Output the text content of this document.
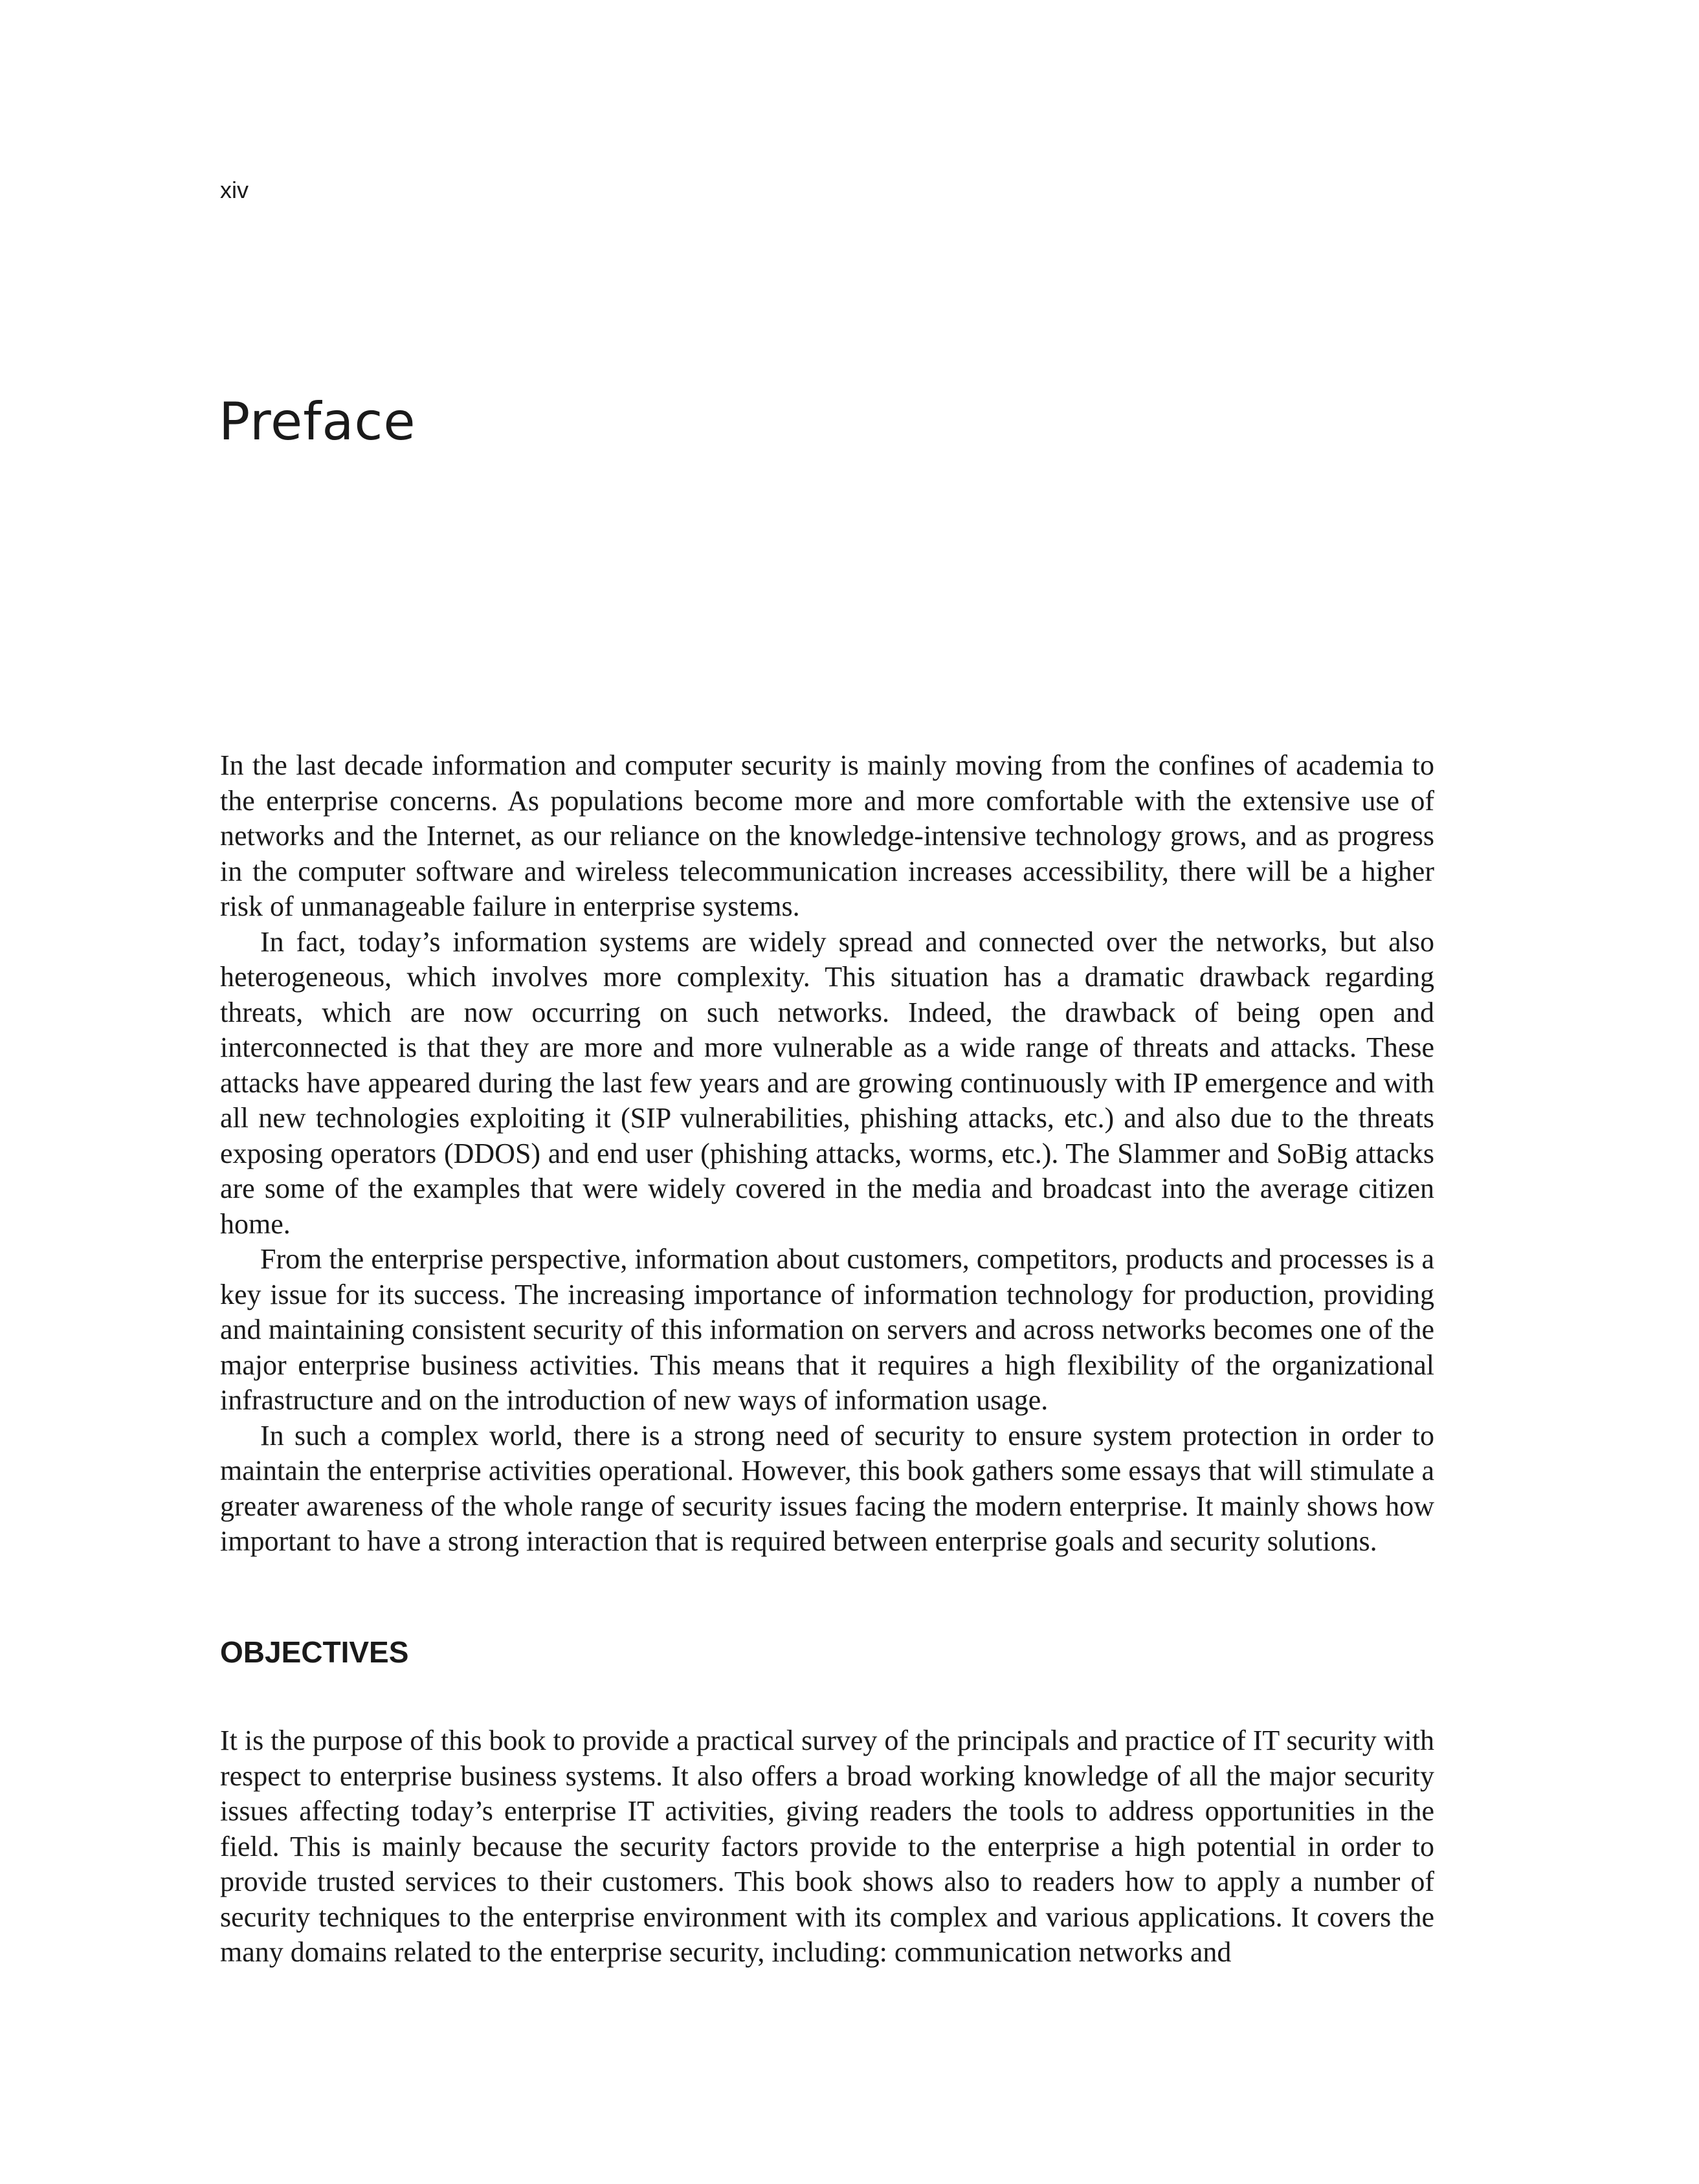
xiv
Preface

In the last decade information and computer security is mainly moving from the confines of academia to the enterprise concerns. As populations become more and more comfortable with the extensive use of networks and the Internet, as our reliance on the knowledge-intensive technology grows, and as progress in the computer software and wireless telecommunication increases accessibility, there will be a higher risk of unmanageable failure in enterprise systems.

In fact, today’s information systems are widely spread and connected over the networks, but also heterogeneous, which involves more complexity. This situation has a dramatic drawback regarding threats, which are now occurring on such networks. Indeed, the drawback of being open and interconnected is that they are more and more vulnerable as a wide range of threats and attacks. These attacks have appeared during the last few years and are growing continuously with IP emergence and with all new technologies exploiting it (SIP vulnerabilities, phishing attacks, etc.) and also due to the threats exposing operators (DDOS) and end user (phishing attacks, worms, etc.). The Slammer and SoBig attacks are some of the examples that were widely covered in the media and broadcast into the average citizen home.

From the enterprise perspective, information about customers, competitors, products and processes is a key issue for its success. The increasing importance of information technology for production, providing and maintaining consistent security of this information on servers and across networks becomes one of the major enterprise business activities. This means that it requires a high flexibility of the organizational infrastructure and on the introduction of new ways of information usage.

In such a complex world, there is a strong need of security to ensure system protection in order to maintain the enterprise activities operational. However, this book gathers some essays that will stimulate a greater awareness of the whole range of security issues facing the modern enterprise. It mainly shows how important to have a strong interaction that is required between enterprise goals and security solutions.

OBJECTIVES

It is the purpose of this book to provide a practical survey of the principals and practice of IT security with respect to enterprise business systems. It also offers a broad working knowledge of all the major security issues affecting today’s enterprise IT activities, giving readers the tools to address opportunities in the field. This is mainly because the security factors provide to the enterprise a high potential in order to provide trusted services to their customers. This book shows also to readers how to apply a number of security techniques to the enterprise environment with its complex and various applications. It covers the many domains related to the enterprise security, including: communication networks and
